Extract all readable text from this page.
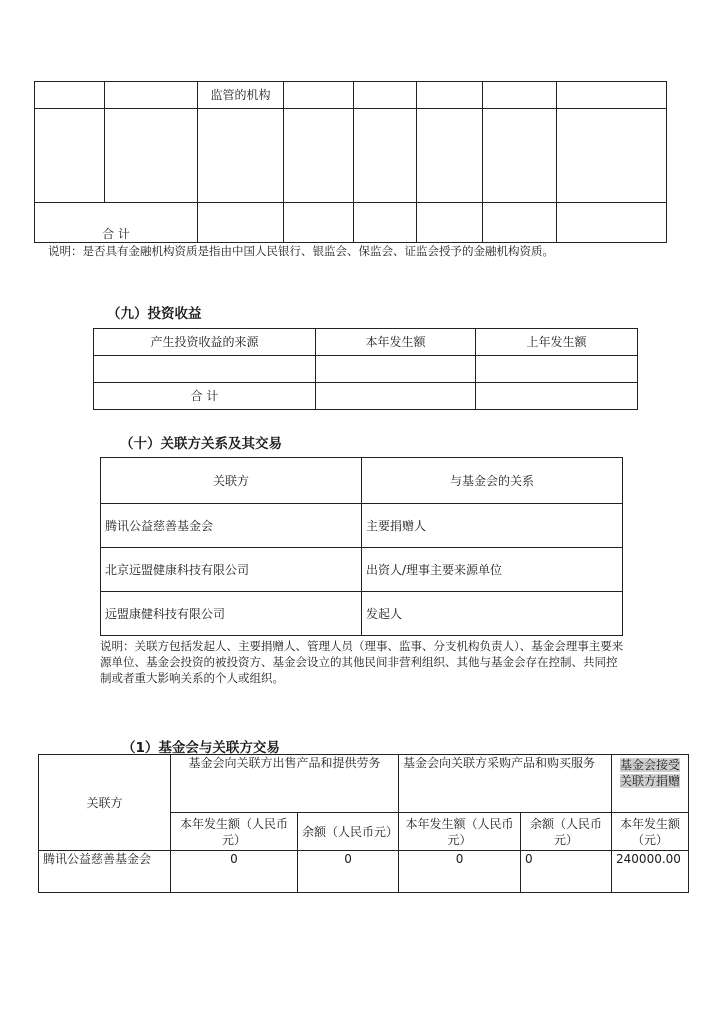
		监管的机构					

合 计							
说明：是否具有金融机构资质是指由中国人民银行、银监会、保监会、证监会授予的金融机构资质。
（九）投资收益
产生投资收益的来源	本年发生额	上年发生额

合 计		
（十）关联方关系及其交易
关联方	与基金会的关系
腾讯公益慈善基金会	主要捐赠人
北京远盟健康科技有限公司	出资人/理事主要来源单位
远盟康健科技有限公司	发起人
说明：关联方包括发起人、主要捐赠人、管理人员（理事、监事、分支机构负责人）、基金会理事主要来源单位、基金会投资的被投资方、基金会设立的其他民间非营利组织、其他与基金会存在控制、共同控制或者重大影响关系的个人或组织。
（1）基金会与关联方交易
关联方	基金会向关联方出售产品和提供劳务		基金会向关联方采购产品和购买服务		基金会接受关联方捐赠
	本年发生额（人民币元）	余额（人民币元）	本年发生额（人民币元）	余额（人民币元）	本年发生额（元）
腾讯公益慈善基金会	0	0	0	0	240000.00
